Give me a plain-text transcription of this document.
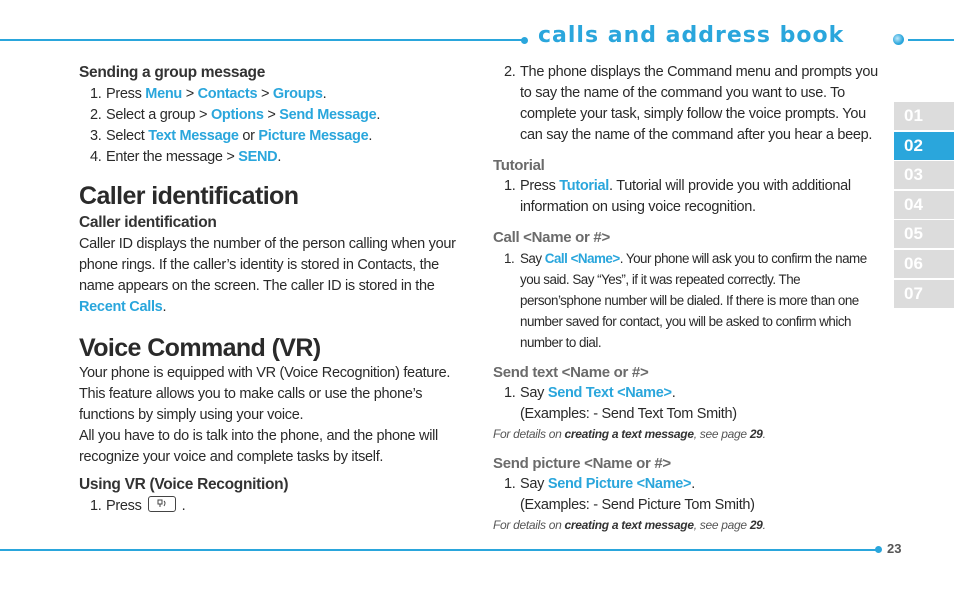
calls and address book
01
02
03
04
05
06
07

Sending a group message

1. Press Menu > Contacts > Groups.

2. Select a group > Options > Send Message.

3. Select Text Message or Picture Message.

4. Enter the message > SEND.

Caller identification

Caller identification

Caller ID displays the number of the person calling when your phone rings. If the caller’s identity is stored in Contacts, the name appears on the screen. The caller ID is stored in the Recent Calls.

Voice Command (VR)

Your phone is equipped with VR (Voice Recognition) feature. This feature allows you to make calls or use the phone’s functions by simply using your voice.

All you have to do is talk into the phone, and the phone will recognize your voice and complete tasks by itself.

Using VR (Voice Recognition)

1. Press	.

2. The phone displays the Command menu and prompts you to say the name of the command you want to use. To complete your task, simply follow the voice prompts. You can say the name of the command after you hear a beep.

Tutorial

1. Press Tutorial. Tutorial will provide you with additional information on using voice recognition.

Call <Name or #>

1. Say Call <Name>. Your phone will ask you to confirm the name you said. Say “Yes”, if it was repeated correctly. The person’sphone number will be dialed. If there is more than one number saved for contact, you will be asked to confirm which number to dial.

Send text <Name or #>

1. Say Send Text <Name>.

(Examples: - Send Text Tom Smith)

For details on creating a text message, see page 29.

Send picture <Name or #>

1. Say Send Picture <Name>.

(Examples: - Send Picture Tom Smith)

For details on creating a text message, see page 29.

23
